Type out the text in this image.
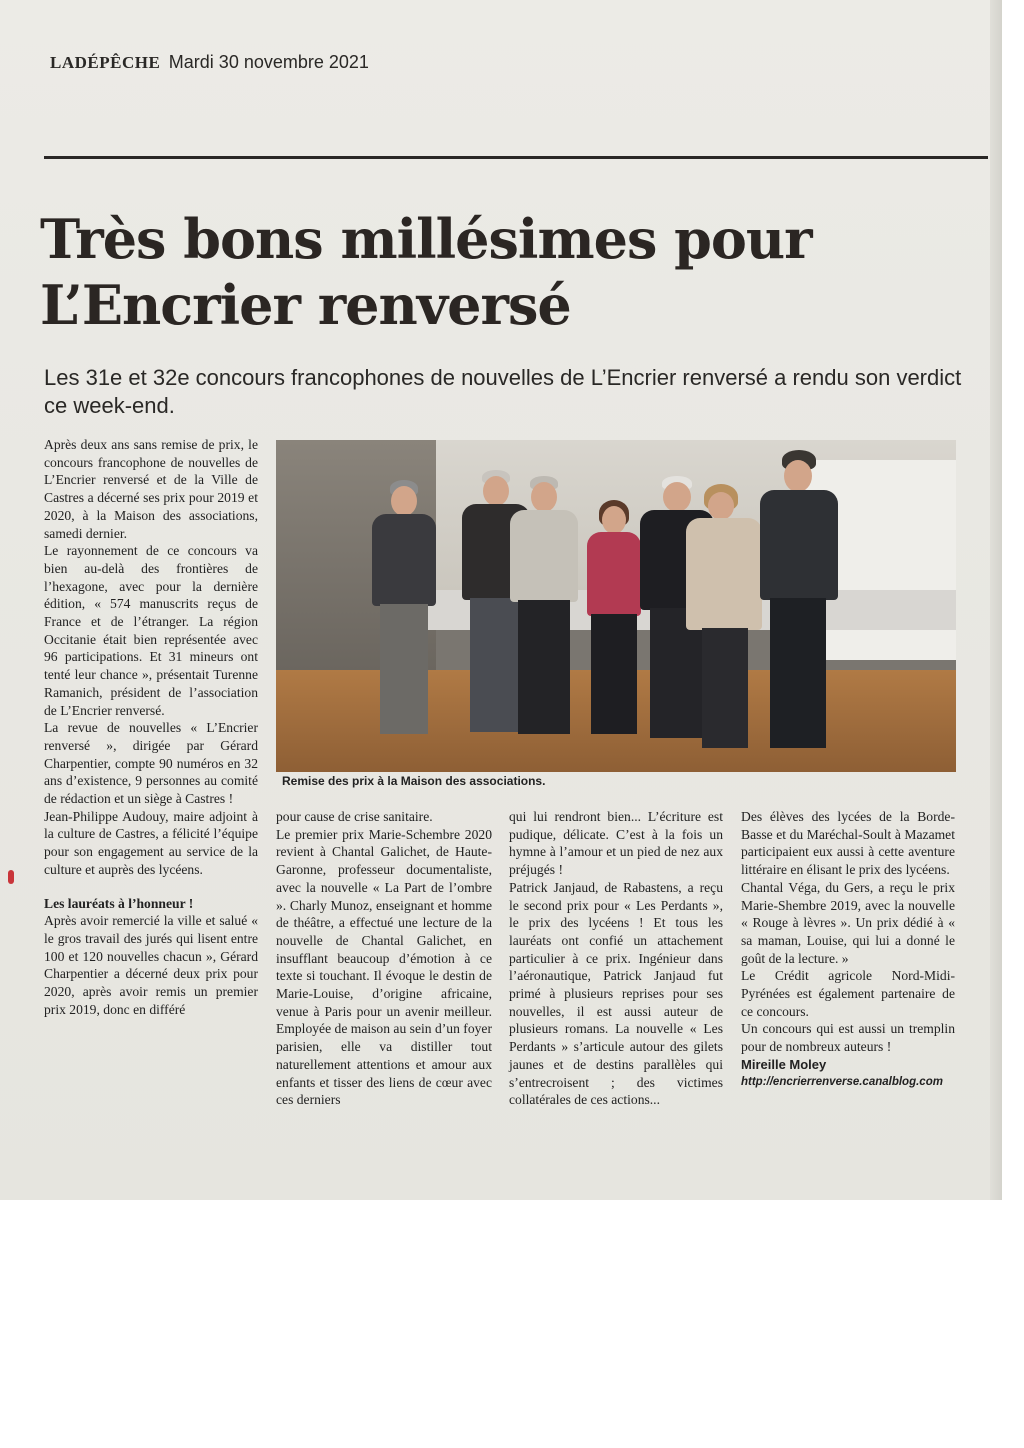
LADÉPÊCHE Mardi 30 novembre 2021
Très bons millésimes pour
L’Encrier renversé

Les 31e et 32e concours francophones de nouvelles de L’Encrier renversé a rendu son verdict ce week-end.

Après deux ans sans remise de prix, le concours francophone de nouvelles de L’Encrier renversé et de la Ville de Castres a décerné ses prix pour 2019 et 2020, à la Maison des associations, samedi dernier.

Le rayonnement de ce concours va bien au-delà des frontières de l’hexagone, avec pour la dernière édition, « 574 manuscrits reçus de France et de l’étranger. La région Occitanie était bien représentée avec 96 participations. Et 31 mineurs ont tenté leur chance », présentait Turenne Ramanich, président de l’association de L’Encrier renversé.

La revue de nouvelles « L’Encrier renversé », dirigée par Gérard Charpentier, compte 90 numéros en 32 ans d’existence, 9 personnes au comité de rédaction et un siège à Castres !

Jean-Philippe Audouy, maire adjoint à la culture de Castres, a félicité l’équipe pour son engagement au service de la culture et auprès des lycéens.

Les lauréats à l’honneur !

Après avoir remercié la ville et salué « le gros travail des jurés qui lisent entre 100 et 120 nouvelles chacun », Gérard Charpentier a décerné deux prix pour 2020, après avoir remis un premier prix 2019, donc en différé

Remise des prix à la Maison des associations.

pour cause de crise sanitaire.

Le premier prix Marie-Schembre 2020 revient à Chantal Galichet, de Haute-Garonne, professeur documentaliste, avec la nouvelle « La Part de l’ombre ». Charly Munoz, enseignant et homme de théâtre, a effectué une lecture de la nouvelle de Chantal Galichet, en insufflant beaucoup d’émotion à ce texte si touchant. Il évoque le destin de Marie-Louise, d’origine africaine, venue à Paris pour un avenir meilleur. Employée de maison au sein d’un foyer parisien, elle va distiller tout naturellement attentions et amour aux enfants et tisser des liens de cœur avec ces derniers

qui lui rendront bien... L’écriture est pudique, délicate. C’est à la fois un hymne à l’amour et un pied de nez aux préjugés !

Patrick Janjaud, de Rabastens, a reçu le second prix pour « Les Perdants », le prix des lycéens ! Et tous les lauréats ont confié un attachement particulier à ce prix. Ingénieur dans l’aéronautique, Patrick Janjaud fut primé à plusieurs reprises pour ses nouvelles, il est aussi auteur de plusieurs romans. La nouvelle « Les Perdants » s’articule autour des gilets jaunes et de destins parallèles qui s’entrecroisent ; des victimes collatérales de ces actions...

Des élèves des lycées de la Borde-Basse et du Maréchal-Soult à Mazamet participaient eux aussi à cette aventure littéraire en élisant le prix des lycéens.

Chantal Véga, du Gers, a reçu le prix Marie-Shembre 2019, avec la nouvelle « Rouge à lèvres ». Un prix dédié à « sa maman, Louise, qui lui a donné le goût de la lecture. »

Le Crédit agricole Nord-Midi-Pyrénées est également partenaire de ce concours.

Un concours qui est aussi un tremplin pour de nombreux auteurs !

Mireille Moley

http://encrierrenverse.canalblog.com
